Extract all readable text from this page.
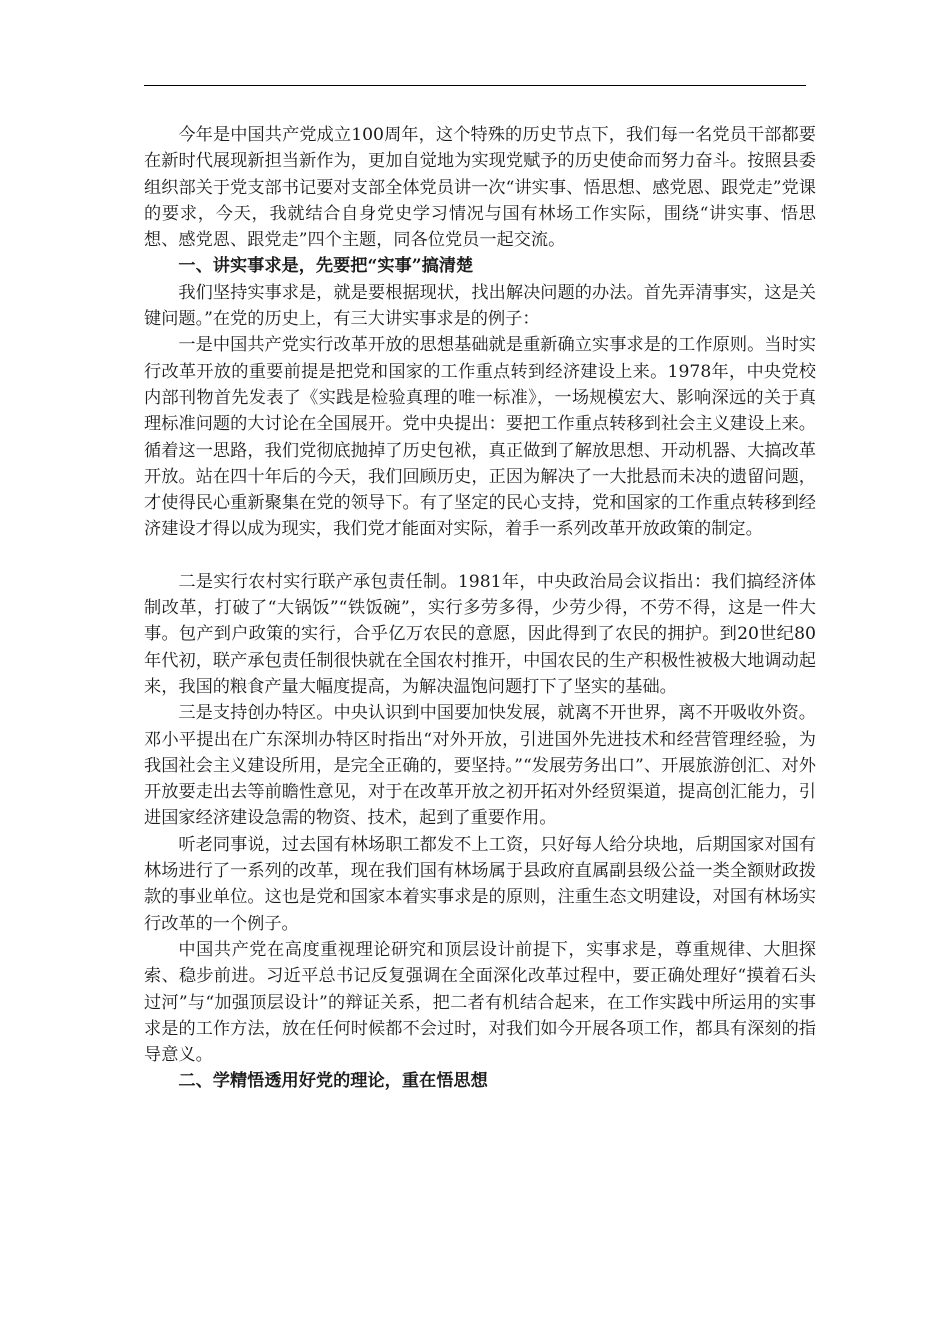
今年是中国共产党成立100周年，这个特殊的历史节点下，我们每一名党员干部都要在新时代展现新担当新作为，更加自觉地为实现党赋予的历史使命而努力奋斗。按照县委组织部关于党支部书记要对支部全体党员讲一次“讲实事、悟思想、感党恩、跟党走”党课的要求，今天，我就结合自身党史学习情况与国有林场工作实际，围绕“讲实事、悟思想、感党恩、跟党走”四个主题，同各位党员一起交流。

一、讲实事求是，先要把“实事”搞清楚

我们坚持实事求是，就是要根据现状，找出解决问题的办法。首先弄清事实，这是关键问题。”在党的历史上，有三大讲实事求是的例子：

一是中国共产党实行改革开放的思想基础就是重新确立实事求是的工作原则。当时实行改革开放的重要前提是把党和国家的工作重点转到经济建设上来。1978年，中央党校内部刊物首先发表了《实践是检验真理的唯一标准》，一场规模宏大、影响深远的关于真理标准问题的大讨论在全国展开。党中央提出：要把工作重点转移到社会主义建设上来。循着这一思路，我们党彻底抛掉了历史包袱，真正做到了解放思想、开动机器、大搞改革开放。站在四十年后的今天，我们回顾历史，正因为解决了一大批悬而未决的遗留问题，才使得民心重新聚集在党的领导下。有了坚定的民心支持，党和国家的工作重点转移到经济建设才得以成为现实，我们党才能面对实际，着手一系列改革开放政策的制定。

二是实行农村实行联产承包责任制。1981年，中央政治局会议指出：我们搞经济体制改革，打破了“大锅饭”“铁饭碗”，实行多劳多得，少劳少得，不劳不得，这是一件大事。包产到户政策的实行，合乎亿万农民的意愿，因此得到了农民的拥护。到20世纪80年代初，联产承包责任制很快就在全国农村推开，中国农民的生产积极性被极大地调动起来，我国的粮食产量大幅度提高，为解决温饱问题打下了坚实的基础。

三是支持创办特区。中央认识到中国要加快发展，就离不开世界，离不开吸收外资。邓小平提出在广东深圳办特区时指出“对外开放，引进国外先进技术和经营管理经验，为我国社会主义建设所用，是完全正确的，要坚持。”“发展劳务出口”、开展旅游创汇、对外开放要走出去等前瞻性意见，对于在改革开放之初开拓对外经贸渠道，提高创汇能力，引进国家经济建设急需的物资、技术，起到了重要作用。

听老同事说，过去国有林场职工都发不上工资，只好每人给分块地，后期国家对国有林场进行了一系列的改革，现在我们国有林场属于县政府直属副县级公益一类全额财政拨款的事业单位。这也是党和国家本着实事求是的原则，注重生态文明建设，对国有林场实行改革的一个例子。

中国共产党在高度重视理论研究和顶层设计前提下，实事求是，尊重规律、大胆探索、稳步前进。习近平总书记反复强调在全面深化改革过程中，要正确处理好“摸着石头过河”与“加强顶层设计”的辩证关系，把二者有机结合起来，在工作实践中所运用的实事求是的工作方法，放在任何时候都不会过时，对我们如今开展各项工作，都具有深刻的指导意义。

二、学精悟透用好党的理论，重在悟思想
